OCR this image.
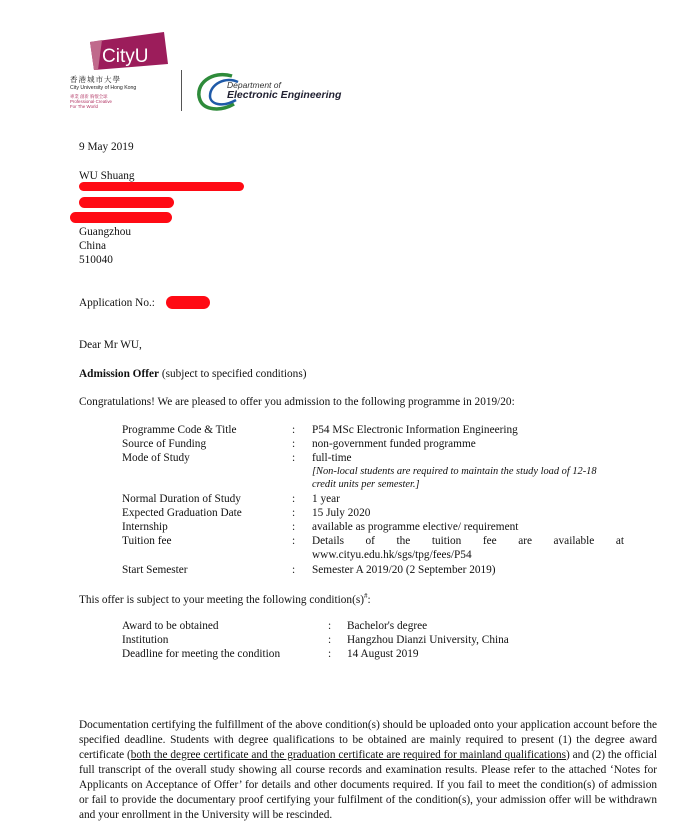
CityU
香港城市大學
City University of Hong Kong
專業 創新 胸懷全球
Professional·Creative
For The World
Department of
Electronic Engineering
9 May 2019
WU Shuang
Guangzhou
China
510040
Application No.:
Dear Mr WU,
Admission Offer (subject to specified conditions)
Congratulations! We are pleased to offer you admission to the following programme in 2019/20:
Programme Code & Title	: P54 MSc Electronic Information Engineering
Source of Funding	: non-government funded programme
Mode of Study	: full-time
[Non-local students are required to maintain the study load of 12-18
credit units per semester.]
Normal Duration of Study	: 1 year
Expected Graduation Date	: 15 July 2020
Internship	: available as programme elective/ requirement
Tuition fee	: Details of the tuition fee are available at
www.cityu.edu.hk/sgs/tpg/fees/P54
Start Semester	: Semester A 2019/20 (2 September 2019)
This offer is subject to your meeting the following condition(s)#:
Award to be obtained	: Bachelor's degree
Institution	: Hangzhou Dianzi University, China
Deadline for meeting the condition	: 14 August 2019
Documentation certifying the fulfillment of the above condition(s) should be uploaded onto your application account before the specified deadline. Students with degree qualifications to be obtained are mainly required to present (1) the degree award certificate (both the degree certificate and the graduation certificate are required for mainland qualifications) and (2) the official full transcript of the overall study showing all course records and examination results. Please refer to the attached ‘Notes for Applicants on Acceptance of Offer’ for details and other documents required. If you fail to meet the condition(s) of admission or fail to provide the documentary proof certifying your fulfilment of the condition(s), your admission offer will be withdrawn and your enrollment in the University will be rescinded.
